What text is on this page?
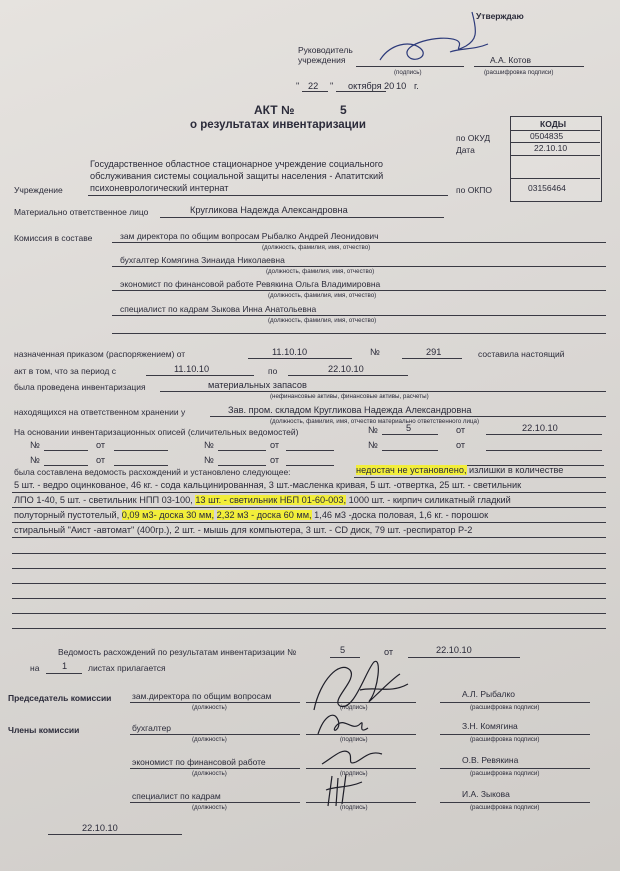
Утверждаю
Руководитель
учреждения	А.А. Котов
(подпись)	(расшифровка подписи)
" 22 " октября 20 10 г.
АКТ №	5
о результатах инвентаризации	КОДЫ
по ОКУД	0504835
Дата	22.10.10
по ОКПО	03156464
Государственное областное стационарное учреждение социального
обслуживания системы социальной защиты населения - Апатитский
Учреждение	психоневрологический интернат
Материально ответственное лицо	Кругликова Надежда Александровна
Комиссия в составе	зам директора по общим вопросам Рыбалко Андрей Леонидович
(должность, фамилия, имя, отчество)
бухгалтер Комягина Зинаида Николаевна
(должность, фамилия, имя, отчество)
экономист по финансовой работе Ревякина Ольга Владимировна
(должность, фамилия, имя, отчество)
специалист по кадрам Зыкова Инна Анатольевна
(должность, фамилия, имя, отчество)
назначенная приказом (распоряжением) от	11.10.10	№	291	составила настоящий
акт в том, что за период с	11.10.10	по	22.10.10
была проведена инвентаризация	материальных запасов
(нефинансовые активы, финансовые активы, расчеты)
находящихся на ответственном хранении у	Зав. пром. складом Кругликова Надежда Александровна
(должность, фамилия, имя, отчество материально ответственного лица)
На основании инвентаризационных описей (сличительных ведомостей)	№	5	от	22.10.10
№	от	№	от	№	от
№	от	№	от
была составлена ведомость расхождений и установлено следующее:	недостач не установлено, излишки в количестве
5 шт. - ведро оцинкованое, 46 кг. - сода кальцинированная, 3 шт.-масленка кривая, 5 шт. -отвертка, 25 шт. - светильник
ЛПО 1-40, 5 шт. - светильник НПП 03-100, 13 шт. - светильник НБП 01-60-003, 1000 шт. - кирпич силикатный гладкий
полуторный пустотелый, 0,09 м3- доска 30 мм, 2,32 м3 - доска 60 мм, 1,46 м3 -доска половая, 1,6 кг. - порошок
стиральный "Аист -автомат" (400гр.), 2 шт. - мышь для компьютера, 3 шт. - CD диск, 79 шт. -респиратор Р-2
Ведомость расхождений по результатам инвентаризации №	5	от	22.10.10
на 1 листах прилагается
Председатель комиссии зам.директора по общим вопросам
(должность)	(подпись)
А.Л. Рыбалко
(расшифровка подписи)
Члены комиссии	бухгалтер
(должность)	(подпись)
З.Н. Комягина
(расшифровка подписи)
экономист по финансовой работе
(должность)	(подпись)
О.В. Ревякина
(расшифровка подписи)
специалист по кадрам
(должность)	(подпись)
И.А. Зыкова
(расшифровка подписи)
22.10.10
